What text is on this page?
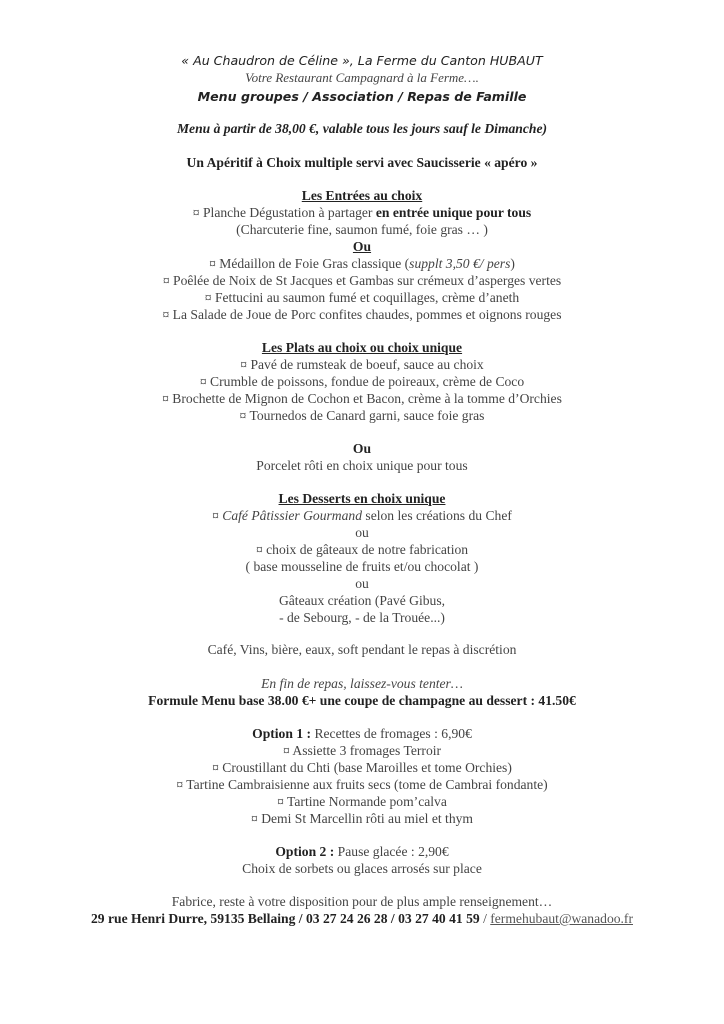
« Au Chaudron de Céline », La Ferme du Canton HUBAUT
Votre Restaurant Campagnard à la Ferme….
Menu groupes / Association / Repas de Famille
Menu à partir de 38,00 €, valable tous les jours sauf le Dimanche)
Un Apéritif à Choix multiple servi avec Saucisserie « apéro »
Les Entrées au choix
¤ Planche Dégustation à partager en entrée unique pour tous
(Charcuterie fine, saumon fumé, foie gras … )
Ou
¤ Médaillon de Foie Gras classique (supplt 3,50 €/ pers)
¤ Poêlée de Noix de St Jacques et Gambas sur crémeux d’asperges vertes
¤ Fettucini au saumon fumé et coquillages, crème d’aneth
¤ La Salade de Joue de Porc confites chaudes, pommes et oignons rouges
Les Plats au choix ou choix unique
¤ Pavé de rumsteak de boeuf, sauce au choix
¤ Crumble de poissons, fondue de poireaux, crème de Coco
¤ Brochette de Mignon de Cochon et Bacon, crème à la tomme d’Orchies
¤ Tournedos de Canard garni, sauce foie gras
Ou
Porcelet rôti en choix unique pour tous
Les Desserts en choix unique
¤ Café Pâtissier Gourmand selon les créations du Chef
ou
¤ choix de gâteaux de notre fabrication
( base mousseline de fruits et/ou chocolat )
ou
Gâteaux création (Pavé Gibus,
- de Sebourg, - de la Trouée...)
Café, Vins, bière, eaux, soft pendant le repas à discrétion
En fin de repas, laissez-vous tenter…
Formule Menu base 38.00 €+ une coupe de champagne au dessert : 41.50€
Option 1 : Recettes de fromages : 6,90€
¤ Assiette 3 fromages Terroir
¤ Croustillant du Chti (base Maroilles et tome Orchies)
¤ Tartine Cambraisienne aux fruits secs (tome de Cambrai fondante)
¤ Tartine Normande pom’calva
¤ Demi St Marcellin rôti au miel et thym
Option 2 : Pause glacée : 2,90€
Choix de sorbets ou glaces arrosés sur place
Fabrice, reste à votre disposition pour de plus ample renseignement…
29 rue Henri Durre, 59135 Bellaing / 03 27 24 26 28 / 03 27 40 41 59 / fermehubaut@wanadoo.fr
